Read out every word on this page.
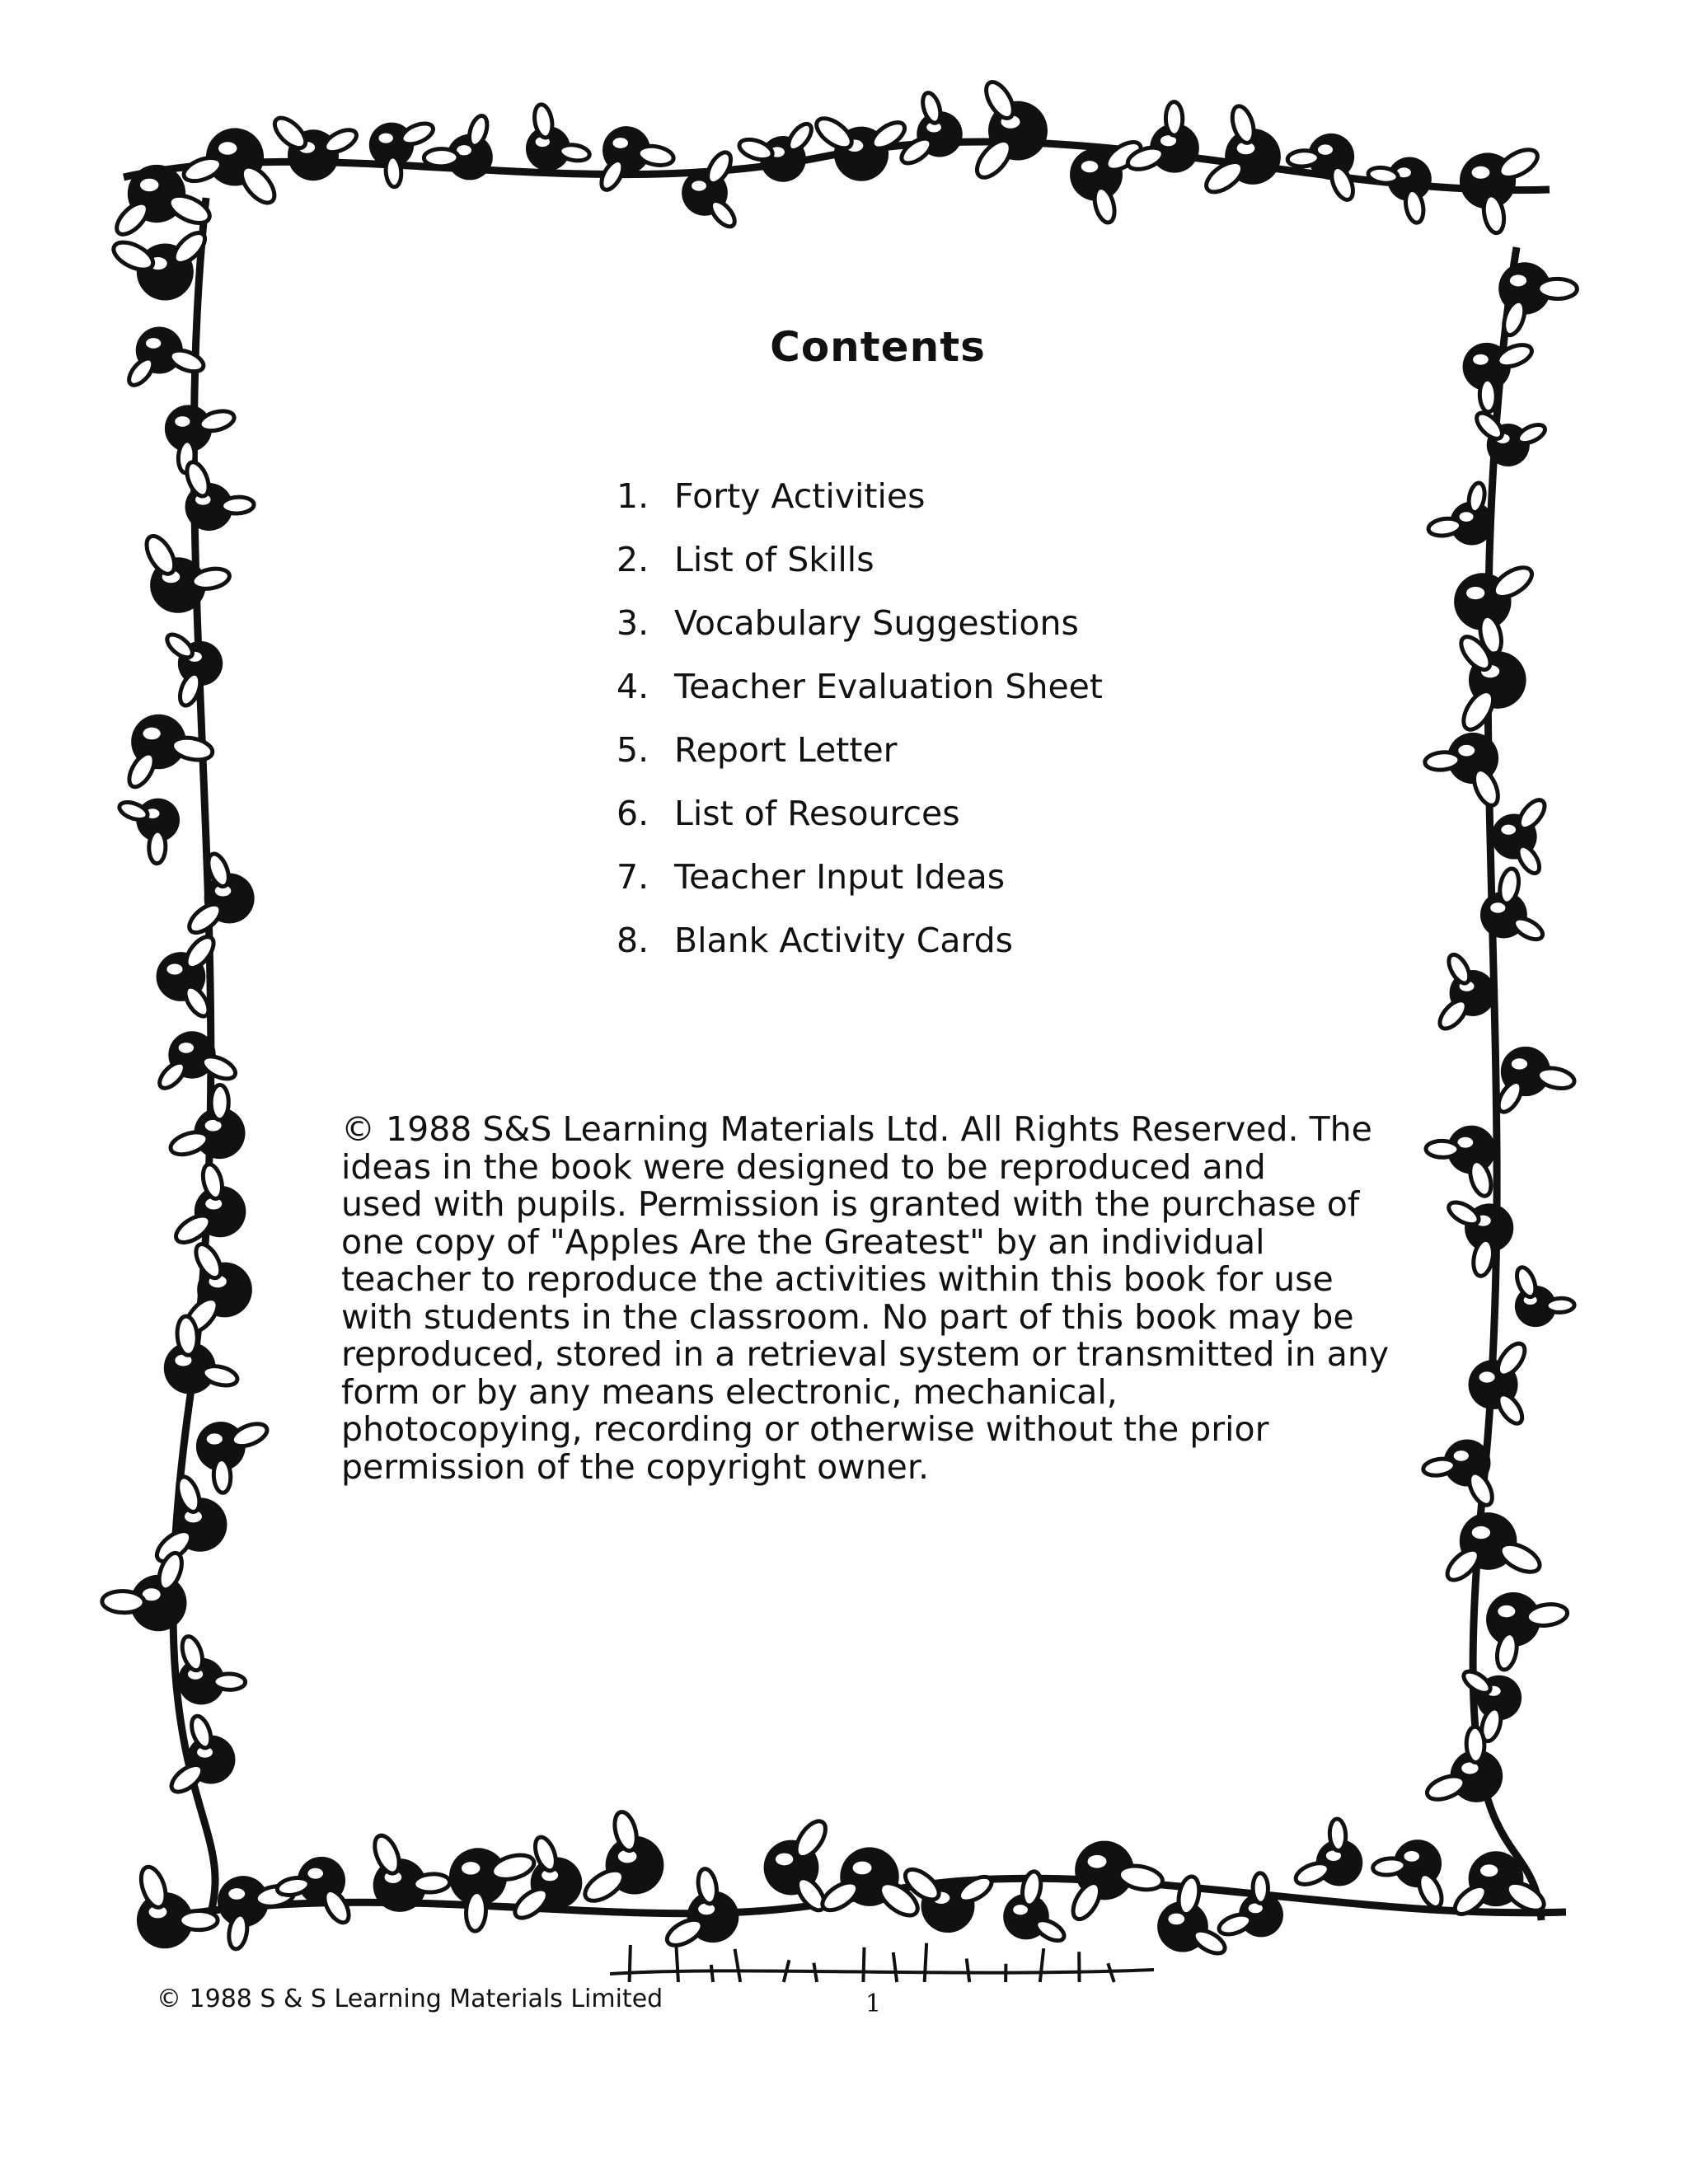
Contents
1. Forty Activities
2. List of Skills
3. Vocabulary Suggestions
4. Teacher Evaluation Sheet
5. Report Letter
6. List of Resources
7. Teacher Input Ideas
8. Blank Activity Cards
© 1988 S&S Learning Materials Ltd. All Rights Reserved. The
ideas in the book were designed to be reproduced and
used with pupils. Permission is granted with the purchase of
one copy of "Apples Are the Greatest" by an individual
teacher to reproduce the activities within this book for use
with students in the classroom. No part of this book may be
reproduced, stored in a retrieval system or transmitted in any
form or by any means electronic, mechanical,
photocopying, recording or otherwise without the prior
permission of the copyright owner.
© 1988 S & S Learning Materials Limited	1
